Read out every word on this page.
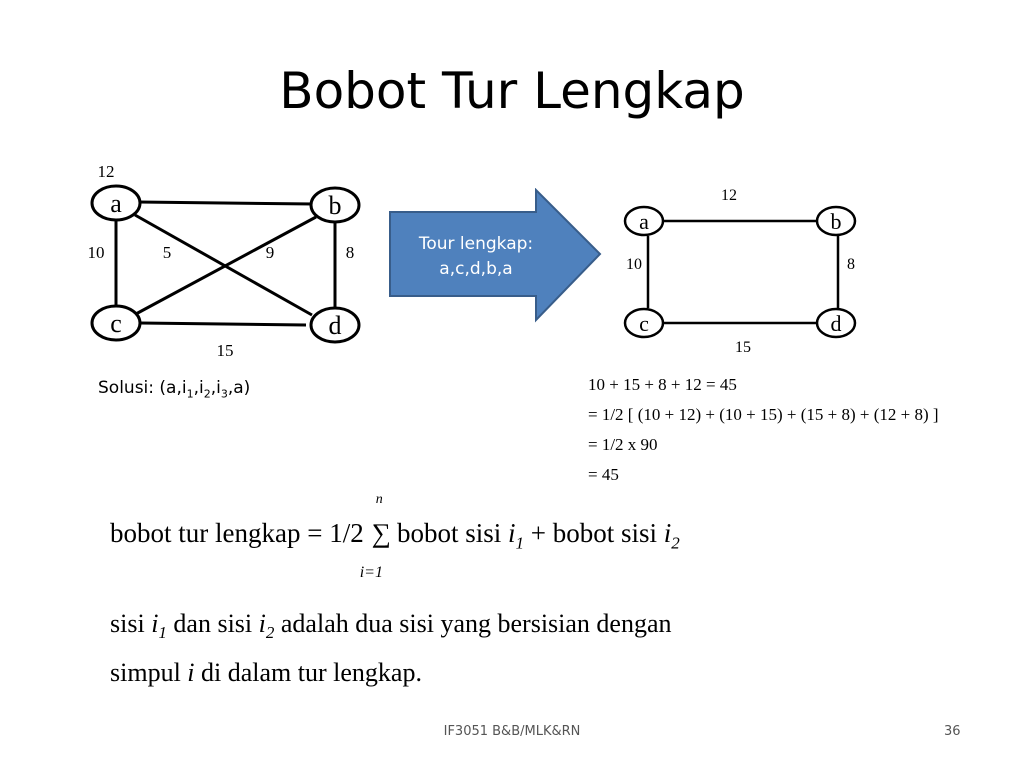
Bobot Tur Lengkap
a	b
c	d
12
10	5	9	8
15
Tour lengkap:
a,c,d,b,a
a	b
c	d
12
10	8
15
Solusi: $(a,i_1,i_2,i_3,a)$	10 + 15 + 8 + 12 = 45
= 1/2 [ (10 + 12) + (10 + 15) + (15 + 8) + (12 + 8) ]
= 1/2 x 90
= 45
bobot tur lengkap = 1/2 ∑
n
i=1
bobot sisi $i_1$ + bobot sisi $i_2$
sisi $i_1$ dan sisi $i_2$ adalah dua sisi yang bersisian dengan
simpul i di dalam tur lengkap.
IF3051 B&B/MLK&RN	36
